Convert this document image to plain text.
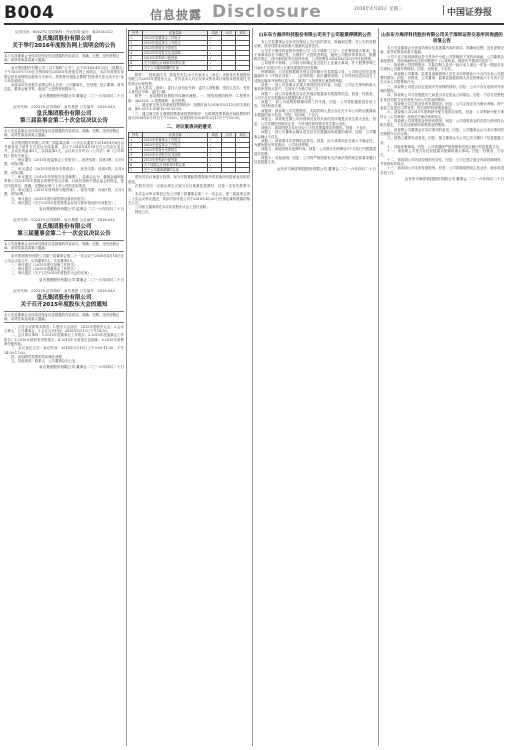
B004	信息披露 Disclosure	2016年4月20日 星期三	中国证券报
证券代码：600270 证券简称：外运发展 编号：临2016-022
皇氏集团股份有限公司
关于举行2016年度报告网上说明会的公告
本公司及董事会全体成员保证信息披露的内容真实、准确、完整，没有虚假记载、误导性陈述或重大遗漏。

皇氏集团股份有限公司（以下简称“公司”）定于2016年4月22日（星期五）下午15:00-17:00在全景网举办2016年年度报告网上说明会，本次年度报告说明会将采用网络远程的方式举行，投资者可登陆全景网“投资者关系互动平台”参与本次说明会。

出席本次年度报告说明会的人员有：公司董事长、总经理、独立董事、财务总监、董事会秘书等。欢迎广大投资者积极参与。

皇氏集团股份有限公司 董事会 二〇一六年四月二十日
证券代码：002329 证券简称：皇氏集团 公告编号：2016-043
皇氏集团股份有限公司
第三届监事会第二十次会议决议公告
本公司及监事会全体成员保证信息披露的内容真实、准确、完整，没有虚假记载、误导性陈述或重大遗漏。

皇氏集团股份有限公司第三届监事会第二十次会议通知于2016年4月8日以书面及电子邮件方式送达全体监事，会议于2016年4月18日在公司会议室召开，会议应到监事3人，实到监事3人，会议的召开符合《公司法》和《公司章程》的有关规定。

一、审议通过《2015年度监事会工作报告》。表决结果：同意3票，反对0票，弃权0票。

二、审议通过《2015年度财务决算报告》。表决结果：同意3票，反对0票，弃权0票。

三、审议通过《2015年年度报告及其摘要》。监事会认为：董事会编制和审核公司2015年年度报告的程序符合法律、行政法规和中国证监会的规定，报告内容真实、准确、完整地反映了上市公司的实际情况。

四、审议通过《2015年度利润分配预案》。表决结果：同意3票，反对0票，弃权0票。

五、审议通过《2015年度内部控制自我评价报告》。

六、审议通过《关于2015年度募集资金存放与使用情况的专项报告》。

皇氏集团股份有限公司 监事会 二〇一六年四月二十日
证券代码：002329 证券简称：皇氏集团 公告编号：2016-042
皇氏集团股份有限公司
第三届董事会第二十一次会议决议公告
本公司及董事会全体成员保证信息披露的内容真实、准确、完整，没有虚假记载、误导性陈述或重大遗漏。

皇氏集团股份有限公司第三届董事会第二十一次会议于2016年4月18日在公司会议室召开，应到董事9人，实到董事9人。

一、审议通过《2015年度总经理工作报告》。

二、审议通过《2015年度董事会工作报告》。

三、审议通过《关于召开2015年度股东大会的议案》。

皇氏集团股份有限公司 董事会 二〇一六年四月二十日
证券代码：002329 证券简称：皇氏集团 公告编号：2016-044
皇氏集团股份有限公司
关于召开2015年度股东大会的通知
本公司及董事会全体成员保证信息披露的内容真实、准确、完整，没有虚假记载、误导性陈述或重大遗漏。

一、召开会议的基本情况：1.股东大会届次：2015年度股东大会；2.会议召集人：公司董事会；3.会议召开时间：2016年5月12日下午14:30。

二、会议审议事项：1.2015年度董事会工作报告；2.2015年度监事会工作报告；3.2015年度财务决算报告；4.2015年年度报告及摘要；5.2015年度利润分配预案。

三、会议登记方法：登记时间：2016年5月10日上午9:00-11:30，下午14:30-17:00。

四、参加网络投票的具体操作流程。

五、其他事项：联系人：公司董事会办公室。

皇氏集团股份有限公司 董事会 二〇一六年四月二十日
序号	议案名称	同意	反对	弃权
1	2015年度董事会工作报告	√		
2	2015年度监事会工作报告	√		
3	2015年度财务决算报告	√		
4	2015年年度报告及其摘要	√		
5	2015年度利润分配预案	√		
6	关于续聘会计师事务所的议案	√		
7	关于公司董事薪酬的议案	√		

附件二：授权委托书。兹委托先生/女士代表本人（单位）出席皇氏集团股份有限公司2015年度股东大会，并代表本人对会议审议的各项议案按本授权委托书的指示行使投票。

委托人签名（盖章）：委托人身份证号码：委托人持股数：受托人签名：受托人身份证号码：委托日期：

附件一：参加网络投票的具体操作流程。一、网络投票的程序：1.投票代码：362329；2.投票简称：皇氏投票。

二、通过深交所交易系统投票的程序：投票时间为2016年5月12日的交易时间，即9:30-11:30和13:00-15:00。

三、通过深交所互联网投票系统投票的程序：互联网投票系统开始投票的时间为2016年5月11日下午15:00，结束时间为2016年5月12日下午15:00。

二、对议案表决的意见
序号	议案名称	同意	反对	弃权
1	2015年度董事会工作报告	√		
2	2015年度监事会工作报告	√		
3	2015年度财务决算报告	√		
4	2015年年度报告及其摘要	√		
5	2015年度利润分配预案	√		
6	关于续聘会计师事务所的议案	√		
7	关于公司董事薪酬的议案	√		

股东对总议案进行投票，视为对除累积投票提案外的其他所有提案表达相同意见。

在股东对同一议案出现总议案与分议案重复投票时，以第一次有效投票为准。

本次会议审议事项已经公司第三届董事会第二十一次会议、第三届监事会第二十次会议审议通过，具体内容详见公司于2016年4月20日在指定媒体披露的相关公告。

公司独立董事将在本次年度股东大会上进行述职。

特此公告。

山东东方海洋科技股份有限公司关于公司股票停牌的公告

本公司及董事会全体成员保证公告内容的真实、准确和完整，对公告的虚假记载、误导性陈述或者重大遗漏负连带责任。

山东东方海洋科技股份有限公司（以下简称“公司”）正在筹划重大事项，鉴于该事项存在不确定性，为维护广大投资者利益，避免公司股价异常波动，根据相关规定，经向深圳证券交易所申请，公司股票自2016年4月20日开市起停牌。

公司债券不停牌。公司将尽快确定是否进行上述重大事项，并于股票停牌之日起5个交易日内公告事项进展情况后复牌。

停牌期间，公司将根据相关规定及时履行信息披露义务。公司指定的信息披露媒体为《中国证券报》、《证券时报》和巨潮资讯网，公司所有信息均以在上述指定媒体刊登的信息为准。敬请广大投资者注意投资风险。

问题一：请公司说明本次重大事项的具体内容。回复：公司正在筹划的重大事项涉及购买资产，交易对方为独立第三方。

问题二：请公司说明是否存在其他应披露而未披露的信息。回复：经核查，公司不存在应披露而未披露的重大信息。

问题三：请公司说明停牌期间的工作安排。回复：公司将积极推进各项工作，尽快形成方案。

问题四：请说明公司控股股东、实际控制人是否存在关于本公司的应披露而未披露的重大信息。回复：经问询，不存在。

问题五：请说明近期公司经营情况及内外部经营环境是否发生重大变化。回复：公司近期经营情况正常，内外部经营环境未发生重大变化。

问题六：请说明是否存在违反公平信息披露规定的情形。回复：不存在。

问题七：请公司董事会确认是否存在应披露而未披露的事项。回复：公司董事会确认不存在。

问题八：请说明本次停牌的必要性。回复：由于该事项存在重大不确定性，为避免股价异常波动，公司申请停牌。

问题九：请说明预计复牌时间。回复：公司预计在停牌后5个交易日内披露进展并复牌。

问题十：其他说明。回复：公司将严格按照有关法律法规的规定和要求履行信息披露义务。

山东东方海洋科技股份有限公司 董事会 二〇一六年四月二十日
山东东方海洋科技股份有限公司关于深圳证券交易所问询函的回复公告

本公司及董事会全体成员保证信息披露内容的真实、准确和完整，没有虚假记载、误导性陈述或重大遗漏。

公司于近日收到深圳证券交易所中小板公司管理部下发的问询函，公司董事会高度重视，对问询函所关注的问题进行了认真核查，现将有关情况回复如下：

一、请说明公司控股股东、实际控制人及其一致行动人最近一年及一期是否存在减持公司股份的情形。回复：经核查，不存在。

二、请说明公司董事、监事及高级管理人员在本次停牌前六个月内买卖公司股票的情况。回复：经核查，公司董事、监事及高级管理人员在停牌前六个月内不存在买卖公司股票的行为。

三、请说明公司是否存在违规对外担保的情形。回复：公司不存在违规对外担保的情形。

四、请说明公司与控股股东之间是否存在资金占用情况。回复：不存在控股股东及其关联方非经营性占用公司资金的情形。

五、请说明公司主营业务的发展情况。回复：公司主营业务为海水养殖、海产品加工及进出口贸易等，报告期内经营情况稳定。

六、请说明公司2015年度利润分配方案的合规性。回复：公司利润分配方案符合《公司章程》及相关法律法规的规定。

七、请说明公司募集资金的使用情况。回复：公司募集资金的存放与使用符合相关规定，不存在违规使用募集资金的情形。

八、请说明公司董事会对本次事项的意见。回复：公司董事会认为本次事项的决策程序合法合规。

九、请独立董事发表意见。回复：独立董事认为公司已充分履行了信息披露义务。

十、其他说明事项。回复：公司将继续严格按照相关规定履行信息披露义务。

十一、请说明公司是否存在应披露未披露的重大事项。回复：经核查，不存在。

十二、请说明公司内部控制的有效性。回复：公司已建立健全内部控制制度，并得到有效执行。

十三、请说明公司未来发展规划。回复：公司将继续围绕主营业务，稳步推进各项工作。

山东东方海洋科技股份有限公司 董事会 二〇一六年四月二十日
